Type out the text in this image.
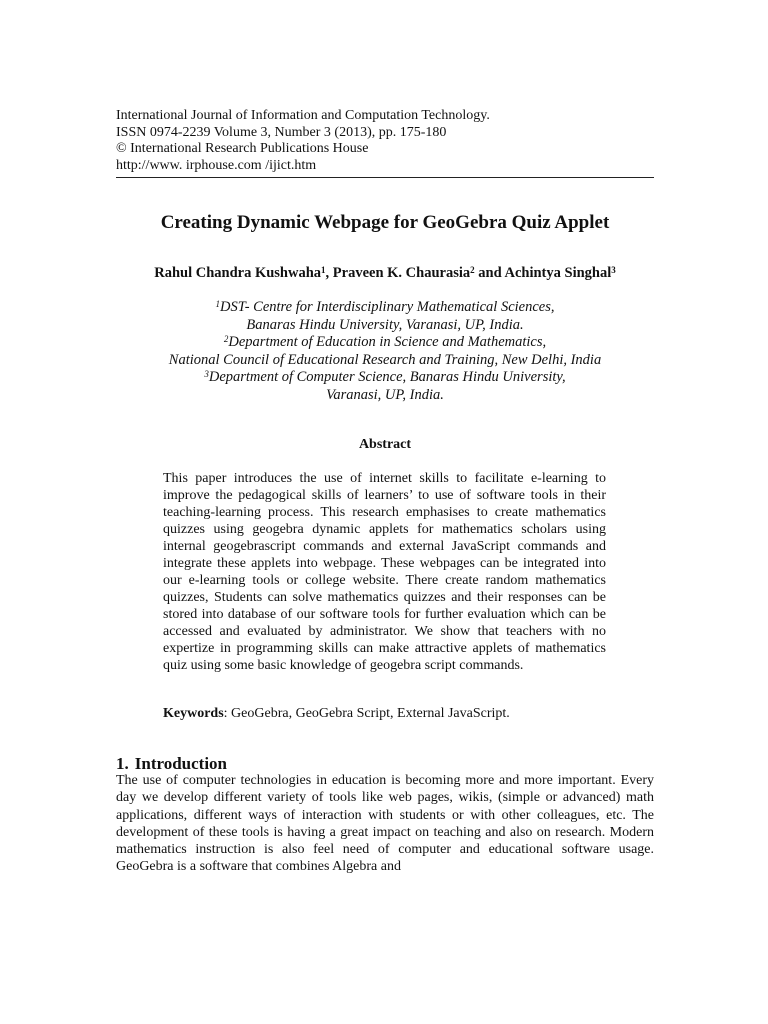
International Journal of Information and Computation Technology.
ISSN 0974-2239 Volume 3, Number 3 (2013), pp. 175-180
© International Research Publications House
http://www. irphouse.com /ijict.htm
Creating Dynamic Webpage for GeoGebra Quiz Applet
Rahul Chandra Kushwaha$^1$, Praveen K. Chaurasia$^2$ and Achintya Singhal$^3$
$^1$DST- Centre for Interdisciplinary Mathematical Sciences,
Banaras Hindu University, Varanasi, UP, India.
$^2$Department of Education in Science and Mathematics,
National Council of Educational Research and Training, New Delhi, India
$^3$Department of Computer Science, Banaras Hindu University,
Varanasi, UP, India.
Abstract
This paper introduces the use of internet skills to facilitate e-learning to improve the pedagogical skills of learners’ to use of software tools in their teaching-learning process. This research emphasises to create mathematics quizzes using geogebra dynamic applets for mathematics scholars using internal geogebrascript commands and external JavaScript commands and integrate these applets into webpage. These webpages can be integrated into our e-learning tools or college website. There create random mathematics quizzes, Students can solve mathematics quizzes and their responses can be stored into database of our software tools for further evaluation which can be accessed and evaluated by administrator. We show that teachers with no expertize in programming skills can make attractive applets of mathematics quiz using some basic knowledge of geogebra script commands.
Keywords: GeoGebra, GeoGebra Script, External JavaScript.
1. Introduction
The use of computer technologies in education is becoming more and more important. Every day we develop different variety of tools like web pages, wikis, (simple or advanced) math applications, different ways of interaction with students or with other colleagues, etc. The development of these tools is having a great impact on teaching and also on research. Modern mathematics instruction is also feel need of computer and educational software usage. GeoGebra is a software that combines Algebra and
